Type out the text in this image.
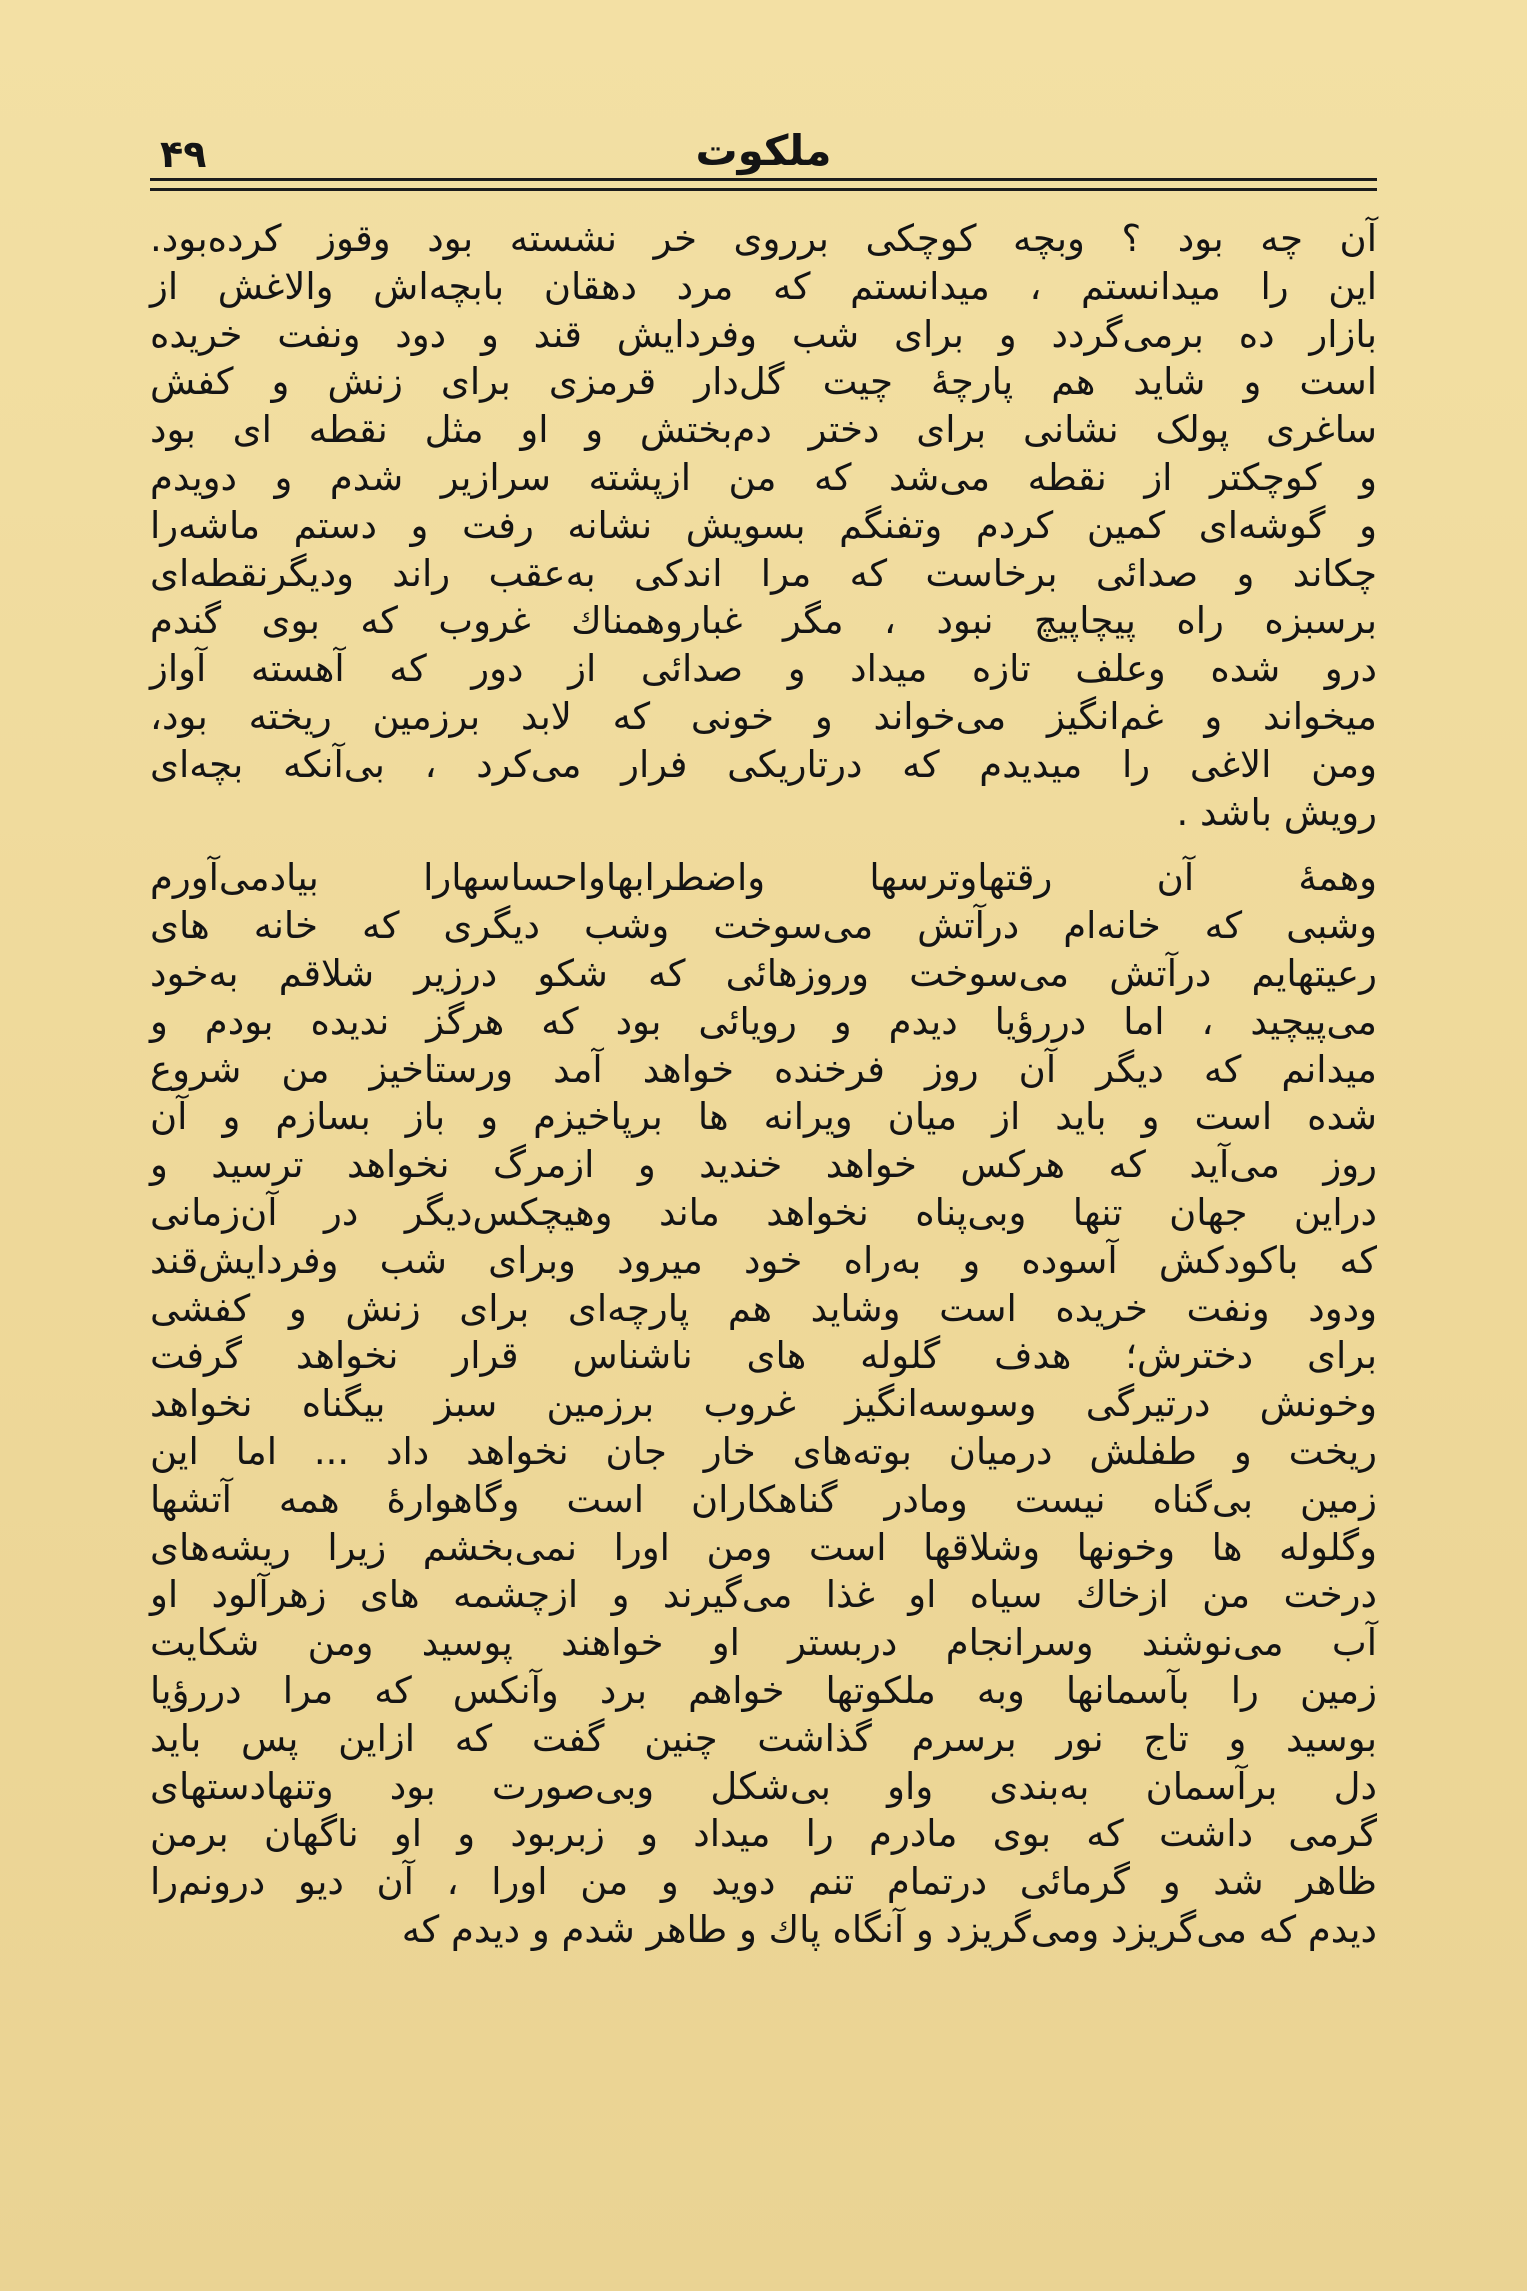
۴۹	ملکوت
آن چه بود ؟ وبچه کوچکی برروی خر نشسته بود وقوز کرده‌بود.
این را میدانستم ، میدانستم که مرد دهقان بابچه‌اش والاغش از
بازار ده برمی‌گردد و برای شب وفردایش قند و دود ونفت خریده
است و شاید هم پارچهٔ چیت گل‌دار قرمزی برای زنش و کفش
ساغری پولک نشانی برای دختر دم‌بختش و او مثل نقطه ای بود
و کوچکتر از نقطه می‌شد که من ازپشته سرازیر شدم و دویدم
و گوشه‌ای کمین کردم وتفنگم بسویش نشانه رفت و دستم ماشه‌را
چکاند و صدائی برخاست که مرا اندکی به‌عقب راند ودیگرنقطه‌ای
برسبزه راه پیچاپیچ نبود ، مگر غباروهمناك غروب که بوی گندم
درو شده وعلف تازه میداد و صدائی از دور که آهسته آواز
میخواند و غم‌انگیز می‌خواند و خونی که لابد برزمین ریخته بود،
ومن الاغی را میدیدم که درتاریکی فرار می‌کرد ، بی‌آنکه بچه‌ای
رویش باشد .
وهمهٔ آن رقتهاوترسها واضطرابهاواحساسهارا بیادمی‌آورم
وشبی که خانه‌ام درآتش می‌سوخت وشب دیگری که خانه های
رعیتهایم درآتش می‌سوخت وروزهائی که شکو درزیر شلاقم به‌خود
می‌پیچید ، اما دررؤیا دیدم و رویائی بود که هرگز ندیده بودم و
میدانم که دیگر آن روز فرخنده خواهد آمد ورستاخیز من شروع
شده است و باید از میان ویرانه ها برپاخیزم و باز بسازم و آن
روز می‌آید که هرکس خواهد خندید و ازمرگ نخواهد ترسید و
دراین جهان تنها وبی‌پناه نخواهد ماند وهیچکس‌دیگر در آن‌زمانی
که باکودکش آسوده و به‌راه خود میرود وبرای شب وفردایش‌قند
ودود ونفت خریده است وشاید هم پارچه‌ای برای زنش و کفشی
برای دخترش؛ هدف گلوله های ناشناس قرار نخواهد گرفت
وخونش درتیرگی وسوسه‌انگیز غروب برزمین سبز بیگناه نخواهد
ریخت و طفلش درمیان بوته‌های خار جان نخواهد داد ... اما این
زمین بی‌گناه نیست ومادر گناهکاران است وگاهوارهٔ همه آتشها
وگلوله ها وخونها وشلاقها است ومن اورا نمی‌بخشم زیرا ریشه‌های
درخت من ازخاك سیاه او غذا می‌گیرند و ازچشمه های زهرآلود او
آب می‌نوشند وسرانجام دربستر او خواهند پوسید ومن شکایت
زمین را بآسمانها وبه ملکوتها خواهم برد وآنکس که مرا دررؤیا
بوسید و تاج نور برسرم گذاشت چنین گفت که ازاین پس باید
دل برآسمان به‌بندی واو بی‌شکل وبی‌صورت بود وتنهادستهای
گرمی داشت که بوی مادرم را میداد و زبربود و او ناگهان برمن
ظاهر شد و گرمائی درتمام تنم دوید و من اورا ، آن دیو درونم‌را
دیدم که می‌گریزد ومی‌گریزد و آنگاه پاك و طاهر شدم و دیدم که
